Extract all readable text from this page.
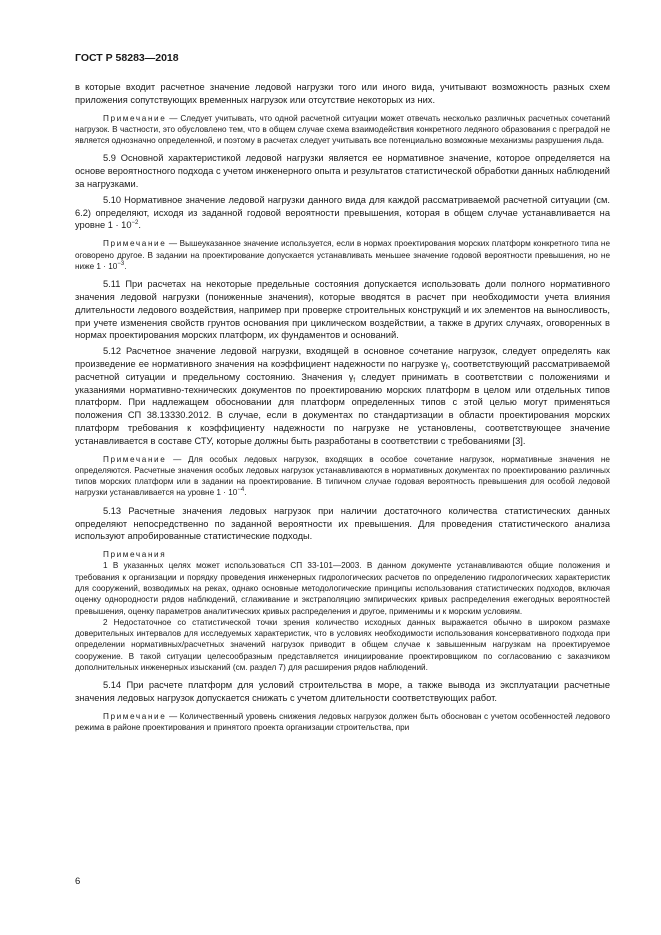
ГОСТ Р 58283—2018

в которые входит расчетное значение ледовой нагрузки того или иного вида, учитывают возможность разных схем приложения сопутствующих временных нагрузок или отсутствие некоторых из них.

Примечание — Следует учитывать, что одной расчетной ситуации может отвечать несколько различных расчетных сочетаний нагрузок. В частности, это обусловлено тем, что в общем случае схема взаимодействия конкретного ледяного образования с преградой не является однозначно определенной, и поэтому в расчетах следует учитывать все потенциально возможные механизмы разрушения льда.

5.9 Основной характеристикой ледовой нагрузки является ее нормативное значение, которое определяется на основе вероятностного подхода с учетом инженерного опыта и результатов статистической обработки данных наблюдений за нагрузками.

5.10 Нормативное значение ледовой нагрузки данного вида для каждой рассматриваемой расчетной ситуации (см. 6.2) определяют, исходя из заданной годовой вероятности превышения, которая в общем случае устанавливается на уровне $1 \cdot 10^{-2}$.

Примечание — Вышеуказанное значение используется, если в нормах проектирования морских платформ конкретного типа не оговорено другое. В задании на проектирование допускается устанавливать меньшее значение годовой вероятности превышения, но не ниже $1 \cdot 10^{-3}$.

5.11 При расчетах на некоторые предельные состояния допускается использовать доли полного нормативного значения ледовой нагрузки (пониженные значения), которые вводятся в расчет при необходимости учета влияния длительности ледового воздействия, например при проверке строительных конструкций и их элементов на выносливость, при учете изменения свойств грунтов основания при циклическом воздействии, а также в других случаях, оговоренных в нормах проектирования морских платформ, их фундаментов и оснований.

5.12 Расчетное значение ледовой нагрузки, входящей в основное сочетание нагрузок, следует определять как произведение ее нормативного значения на коэффициент надежности по нагрузке $\gamma_f$, соответствующий рассматриваемой расчетной ситуации и предельному состоянию. Значения $\gamma_f$ следует принимать в соответствии с положениями и указаниями нормативно-технических документов по проектированию морских платформ в целом или отдельных типов платформ. При надлежащем обосновании для платформ определенных типов с этой целью могут применяться положения СП 38.13330.2012. В случае, если в документах по стандартизации в области проектирования морских платформ требования к коэффициенту надежности по нагрузке не установлены, соответствующее значение устанавливается в составе СТУ, которые должны быть разработаны в соответствии с требованиями [3].

Примечание — Для особых ледовых нагрузок, входящих в особое сочетание нагрузок, нормативные значения не определяются. Расчетные значения особых ледовых нагрузок устанавливаются в нормативных документах по проектированию различных типов морских платформ или в задании на проектирование. В типичном случае годовая вероятность превышения для особой ледовой нагрузки устанавливается на уровне $1 \cdot 10^{-4}$.

5.13 Расчетные значения ледовых нагрузок при наличии достаточного количества статистических данных определяют непосредственно по заданной вероятности их превышения. Для проведения статистического анализа используют апробированные статистические подходы.

Примечания

1 В указанных целях может использоваться СП 33-101—2003. В данном документе устанавливаются общие положения и требования к организации и порядку проведения инженерных гидрологических расчетов по определению гидрологических характеристик для сооружений, возводимых на реках, однако основные методологические принципы использования статистических подходов, включая оценку однородности рядов наблюдений, сглаживание и экстраполяцию эмпирических кривых распределения ежегодных вероятностей превышения, оценку параметров аналитических кривых распределения и другое, применимы и к морским условиям.

2 Недостаточное со статистической точки зрения количество исходных данных выражается обычно в широком размахе доверительных интервалов для исследуемых характеристик, что в условиях необходимости использования консервативного подхода при определении нормативных/расчетных значений нагрузок приводит в общем случае к завышенным нагрузкам на проектируемое сооружение. В такой ситуации целесообразным представляется инициирование проектировщиком по согласованию с заказчиком дополнительных инженерных изысканий (см. раздел 7) для расширения рядов наблюдений.

5.14 При расчете платформ для условий строительства в море, а также вывода из эксплуатации расчетные значения ледовых нагрузок допускается снижать с учетом длительности соответствующих работ.

Примечание — Количественный уровень снижения ледовых нагрузок должен быть обоснован с учетом особенностей ледового режима в районе проектирования и принятого проекта организации строительства, при

6
